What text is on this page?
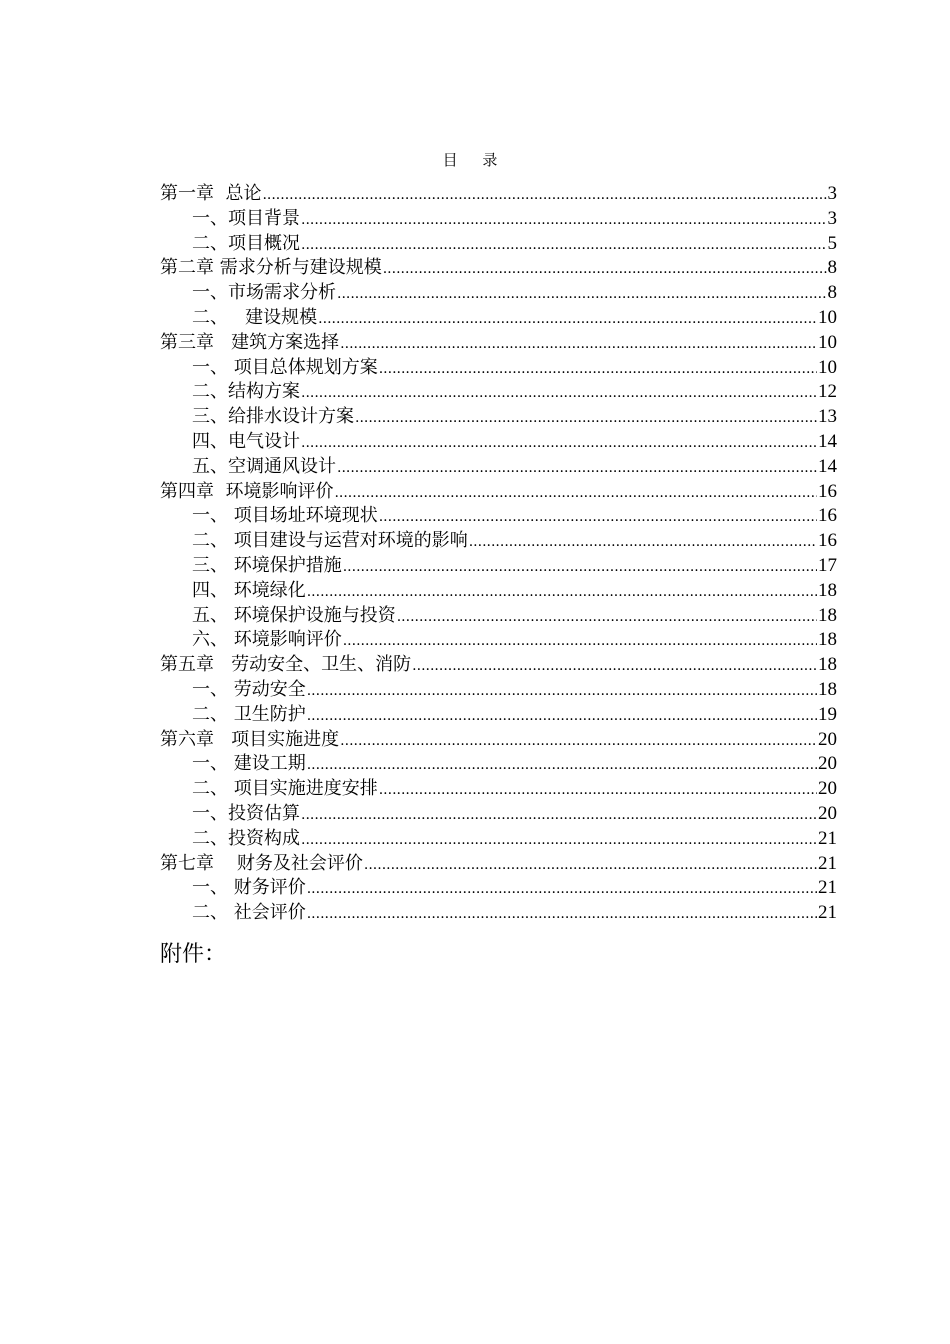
目 录
第一章  总论 .....	3
一、项目背景 .....	3
二、项目概况 .....	5
第二章 需求分析与建设规模 .....	8
一、市场需求分析 .....	8
二、   建设规模 .....	10
第三章   建筑方案选择 .....	10
一、 项目总体规划方案 .....	10
二、结构方案 .....	12
三、给排水设计方案 .....	13
四、电气设计 .....	14
五、空调通风设计 .....	14
第四章  环境影响评价 .....	16
一、 项目场址环境现状 .....	16
二、 项目建设与运营对环境的影响 .....	16
三、 环境保护措施 .....	17
四、 环境绿化 .....	18
五、 环境保护设施与投资 .....	18
六、 环境影响评价 .....	18
第五章   劳动安全、卫生、消防 .....	18
一、 劳动安全 .....	18
二、 卫生防护 .....	19
第六章   项目实施进度 .....	20
一、 建设工期 .....	20
二、 项目实施进度安排 .....	20
一、投资估算 .....	20
二、投资构成 .....	21
第七章    财务及社会评价 .....	21
一、 财务评价 .....	21
二、 社会评价 .....	21
附件：
